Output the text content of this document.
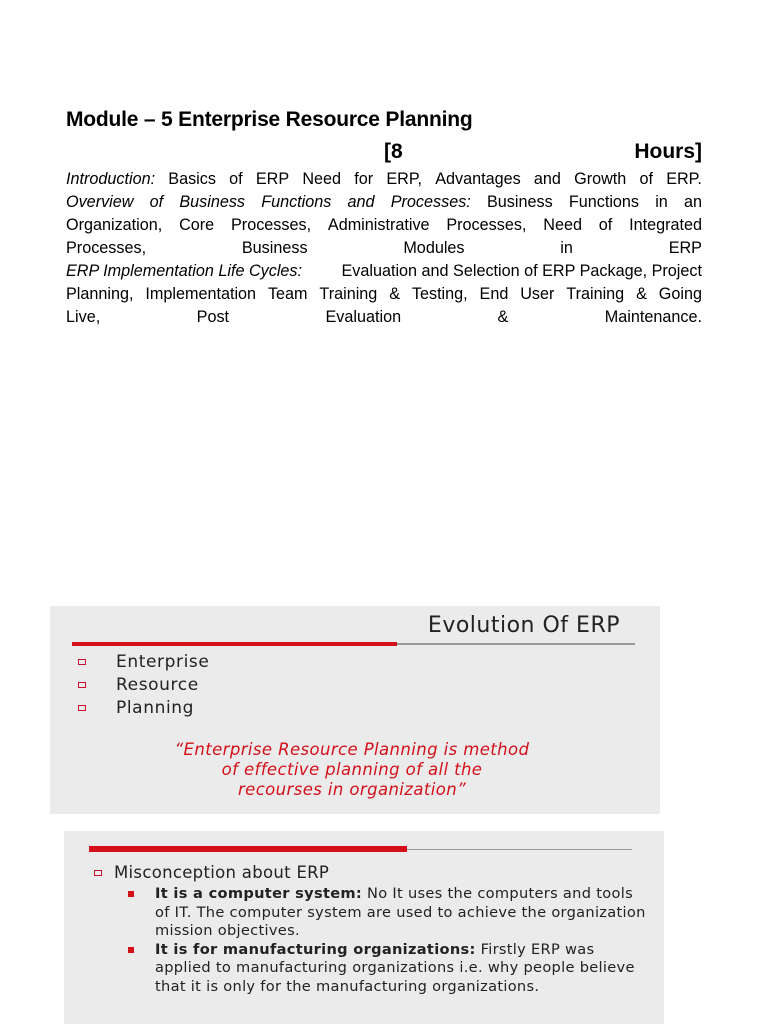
Module – 5 Enterprise Resource Planning
[8	Hours]
Introduction: Basics of ERP Need for ERP, Advantages and Growth of ERP.
Overview of Business Functions and Processes: Business Functions in an
Organization, Core Processes, Administrative Processes, Need of Integrated
Processes,	Business	Modules	in	ERP
ERP Implementation Life Cycles: Evaluation and Selection of ERP Package, Project
Planning, Implementation Team Training & Testing, End User Training & Going
Live,	Post	Evaluation	&	Maintenance.
Evolution Of ERP
Enterprise
Resource
Planning
“Enterprise Resource Planning is method
of effective planning of all the
recourses in organization”
Misconception about ERP
It is a computer system: No It uses the computers and tools of IT. The computer system are used to achieve the organization mission objectives.
It is for manufacturing organizations: Firstly ERP was applied to manufacturing organizations i.e. why people believe that it is only for the manufacturing organizations.
